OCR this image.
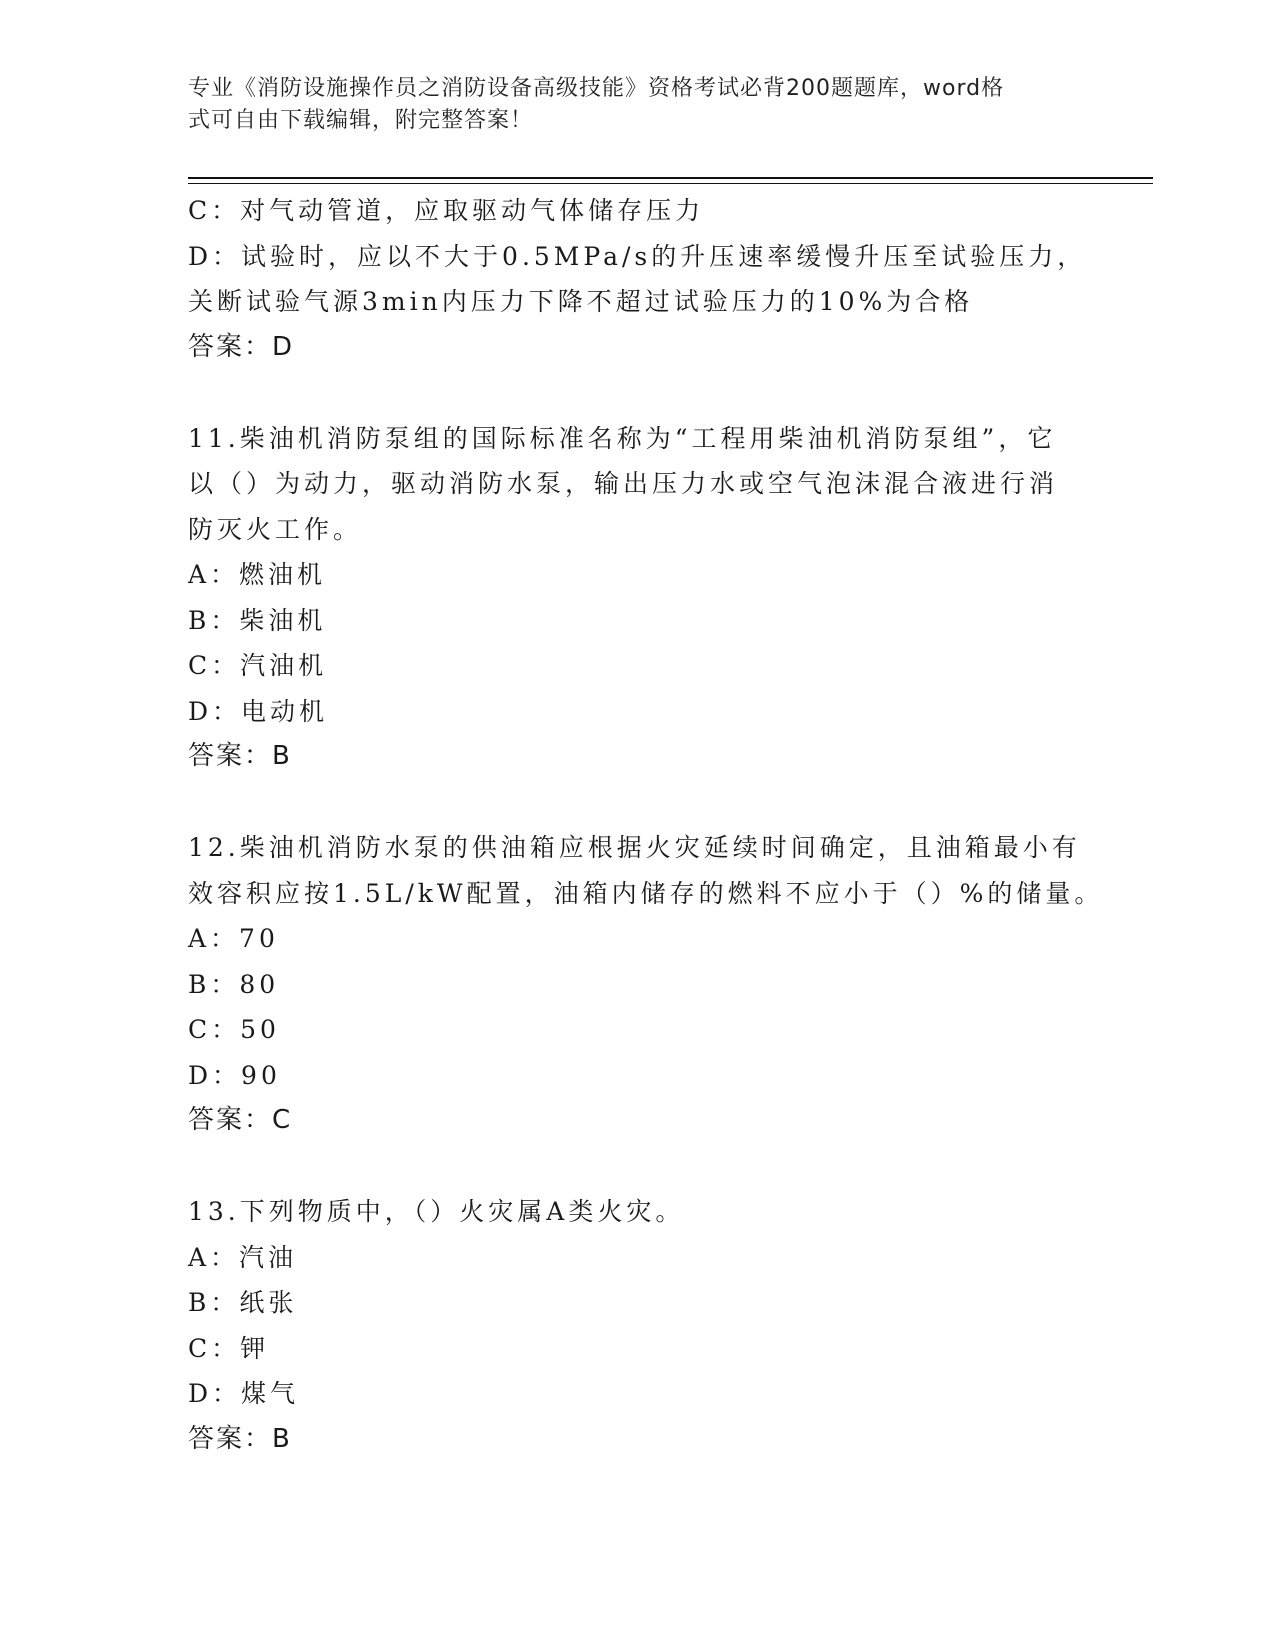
专业《消防设施操作员之消防设备高级技能》资格考试必背200题题库，word格
式可自由下载编辑，附完整答案！
C：对气动管道，应取驱动气体储存压力
D：试验时，应以不大于0.5MPa/s的升压速率缓慢升压至试验压力，
关断试验气源3min内压力下降不超过试验压力的10%为合格
答案：D
11.柴油机消防泵组的国际标准名称为“工程用柴油机消防泵组”，它
以（）为动力，驱动消防水泵，输出压力水或空气泡沫混合液进行消
防灭火工作。
A：燃油机
B：柴油机
C：汽油机
D：电动机
答案：B
12.柴油机消防水泵的供油箱应根据火灾延续时间确定，且油箱最小有
效容积应按1.5L/kW配置，油箱内储存的燃料不应小于（）%的储量。
A：70
B：80
C：50
D：90
答案：C
13.下列物质中，（）火灾属A类火灾。
A：汽油
B：纸张
C：钾
D：煤气
答案：B
